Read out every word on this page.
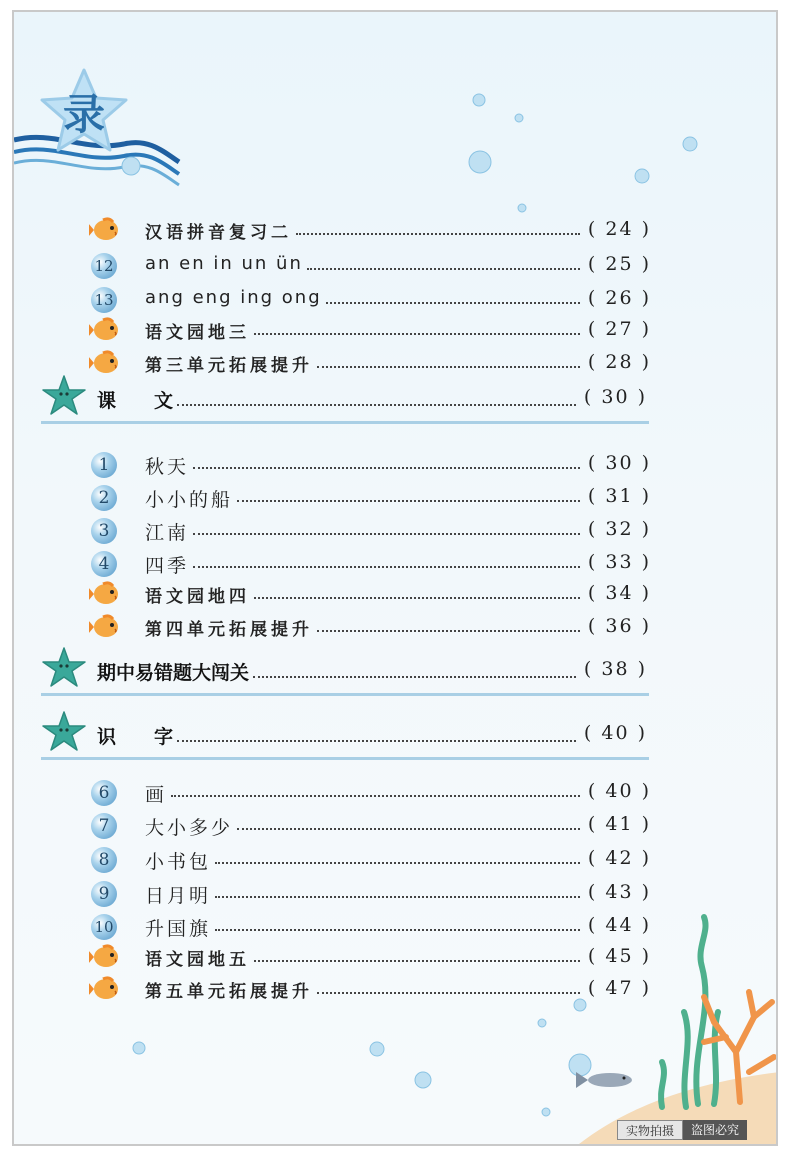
录
汉语拼音复习二	( 24 )
12 an en in un ün	( 25 )
13 ang eng ing ong	( 26 )
语文园地三	( 27 )
第三单元拓展提升	( 28 )
课　　文	( 30 )
1	秋天	( 30 )
2	小小的船	( 31 )
3	江南	( 32 )
4	四季	( 33 )
语文园地四	( 34 )
第四单元拓展提升	( 36 )
期中易错题大闯关	( 38 )
识　　字	( 40 )
6	画	( 40 )
7	大小多少	( 41 )
8	小书包	( 42 )
9	日月明	( 43 )
10 升国旗	( 44 )
语文园地五	( 45 )
第五单元拓展提升	( 47 )
实物拍摄	盗图必究
